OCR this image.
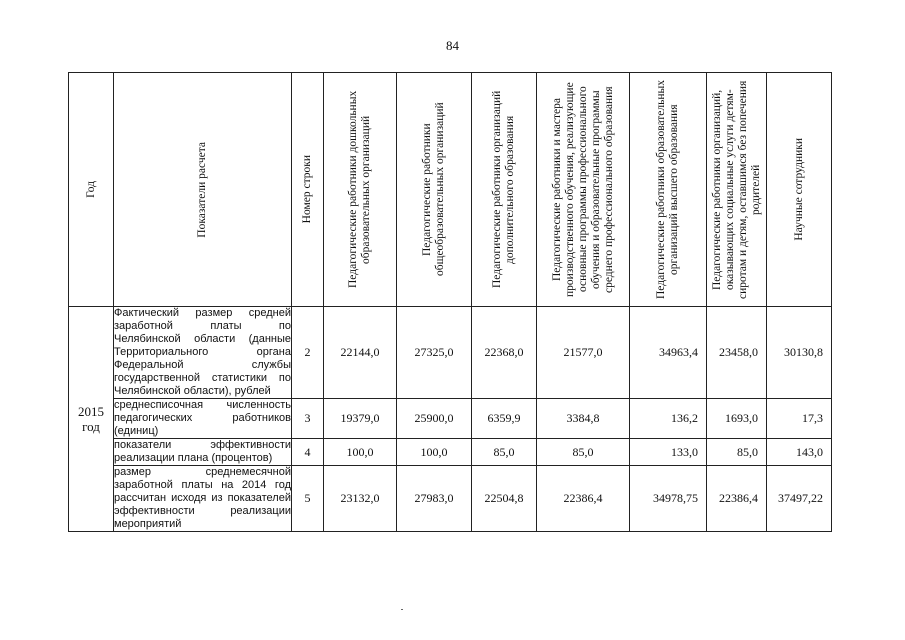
84
Год	Показатели расчета	Номер строки	Педагогические работники дошкольных образовательных организаций	Педагогические работники общеобразовательных организаций	Педагогические работники организаций дополнительного образования	Педагогические работники и мастера производственного обучения, реализующие основные программы профессионального обучения и образовательные программы среднего профессионального образования	Педагогические работники образовательных организаций высшего образования	Педагогические работники организаций, оказывающих социальные услуги детям-сиротам и детям, оставшимся без попечения родителей	Научные сотрудники

2015 год	Фактический размер средней заработной платы по Челябинской области (данные Территориального органа Федеральной службы государственной статистики по Челябинской области), рублей	2	22144,0	27325,0	22368,0	21577,0	34963,4	23458,0	30130,8
	среднесписочная численность педагогических работников (единиц)	3	19379,0	25900,0	6359,9	3384,8	136,2	1693,0	17,3
	показатели эффективности реализации плана (процентов)	4	100,0	100,0	85,0	85,0	133,0	85,0	143,0
	размер среднемесячной заработной платы на 2014 год рассчитан исходя из показателей эффективности реализации мероприятий	5	23132,0	27983,0	22504,8	22386,4	34978,75	22386,4	37497,22
